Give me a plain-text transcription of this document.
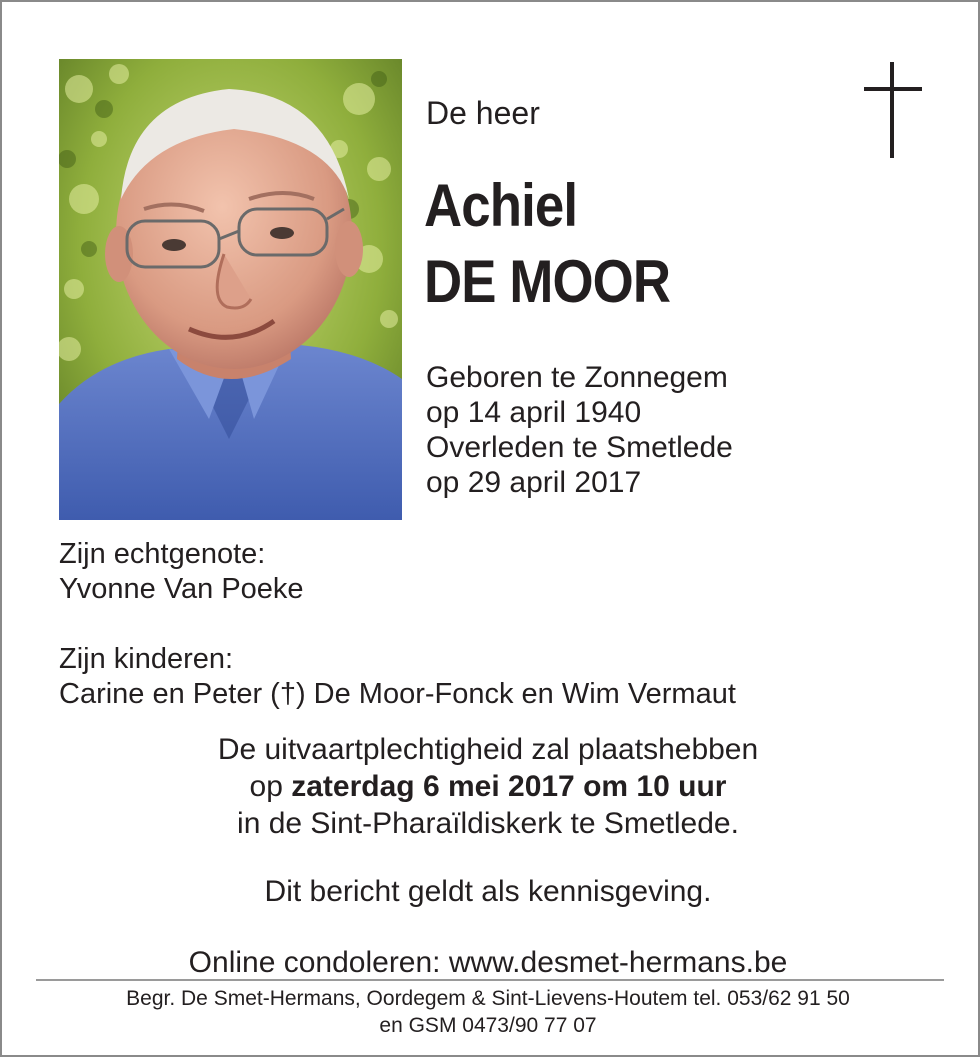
De heer
Achiel
DE MOOR
Geboren te Zonnegem
op 14 april 1940
Overleden te Smetlede
op 29 april 2017
Zijn echtgenote:
Yvonne Van Poeke
Zijn kinderen:
Carine en Peter (†) De Moor-Fonck en Wim Vermaut
De uitvaartplechtigheid zal plaatshebben
op zaterdag 6 mei 2017 om 10 uur
in de Sint-Pharaïldiskerk te Smetlede.
Dit bericht geldt als kennisgeving.
Online condoleren: www.desmet-hermans.be
Begr. De Smet-Hermans, Oordegem & Sint-Lievens-Houtem tel. 053/62 91 50
en GSM 0473/90 77 07
